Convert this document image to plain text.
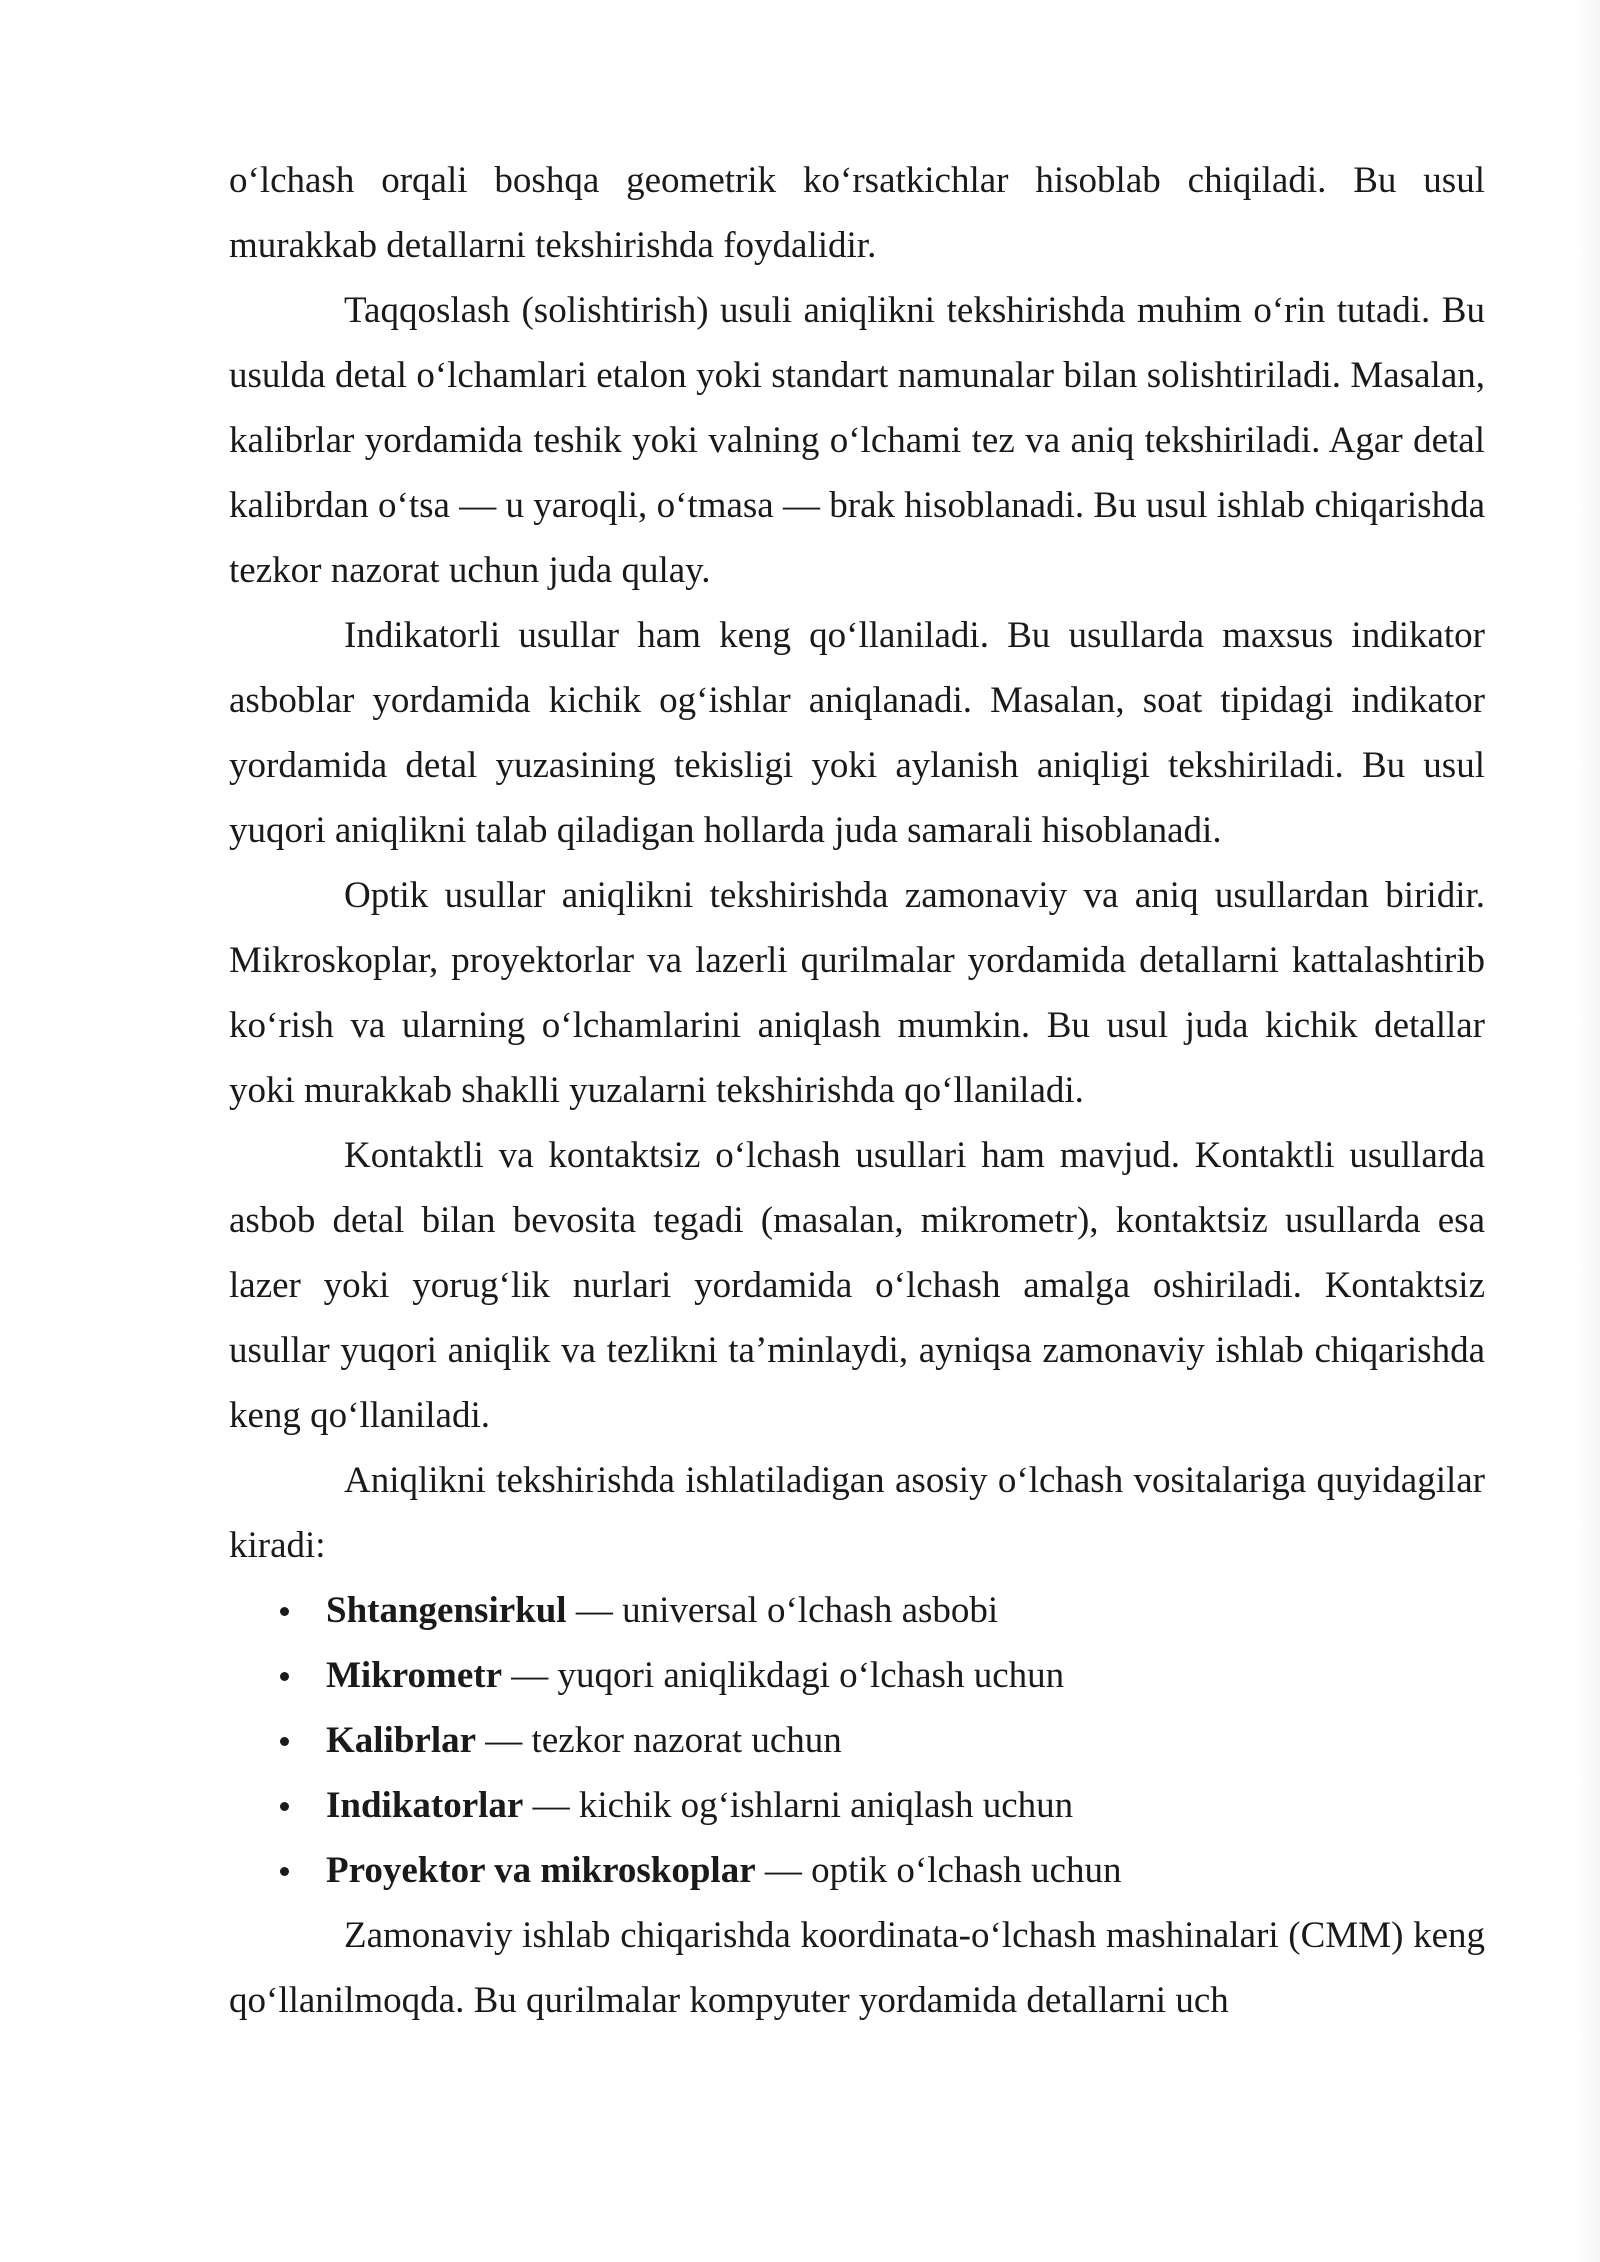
o‘lchash orqali boshqa geometrik ko‘rsatkichlar hisoblab chiqiladi. Bu usul murakkab detallarni tekshirishda foydalidir.

Taqqoslash (solishtirish) usuli aniqlikni tekshirishda muhim o‘rin tutadi. Bu usulda detal o‘lchamlari etalon yoki standart namunalar bilan solishtiriladi. Masalan, kalibrlar yordamida teshik yoki valning o‘lchami tez va aniq tekshiriladi. Agar detal kalibrdan o‘tsa — u yaroqli, o‘tmasa — brak hisoblanadi. Bu usul ishlab chiqarishda tezkor nazorat uchun juda qulay.

Indikatorli usullar ham keng qo‘llaniladi. Bu usullarda maxsus indikator asboblar yordamida kichik og‘ishlar aniqlanadi. Masalan, soat tipidagi indikator yordamida detal yuzasining tekisligi yoki aylanish aniqligi tekshiriladi. Bu usul yuqori aniqlikni talab qiladigan hollarda juda samarali hisoblanadi.

Optik usullar aniqlikni tekshirishda zamonaviy va aniq usullardan biridir. Mikroskoplar, proyektorlar va lazerli qurilmalar yordamida detallarni kattalashtirib ko‘rish va ularning o‘lchamlarini aniqlash mumkin. Bu usul juda kichik detallar yoki murakkab shaklli yuzalarni tekshirishda qo‘llaniladi.

Kontaktli va kontaktsiz o‘lchash usullari ham mavjud. Kontaktli usullarda asbob detal bilan bevosita tegadi (masalan, mikrometr), kontaktsiz usullarda esa lazer yoki yorug‘lik nurlari yordamida o‘lchash amalga oshiriladi. Kontaktsiz usullar yuqori aniqlik va tezlikni ta’minlaydi, ayniqsa zamonaviy ishlab chiqarishda keng qo‘llaniladi.

Aniqlikni tekshirishda ishlatiladigan asosiy o‘lchash vositalariga quyidagilar kiradi:

Shtangensirkul — universal o‘lchash asbobi
Mikrometr — yuqori aniqlikdagi o‘lchash uchun
Kalibrlar — tezkor nazorat uchun
Indikatorlar — kichik og‘ishlarni aniqlash uchun
Proyektor va mikroskoplar — optik o‘lchash uchun

Zamonaviy ishlab chiqarishda koordinata-o‘lchash mashinalari (CMM) keng qo‘llanilmoqda. Bu qurilmalar kompyuter yordamida detallarni uch
